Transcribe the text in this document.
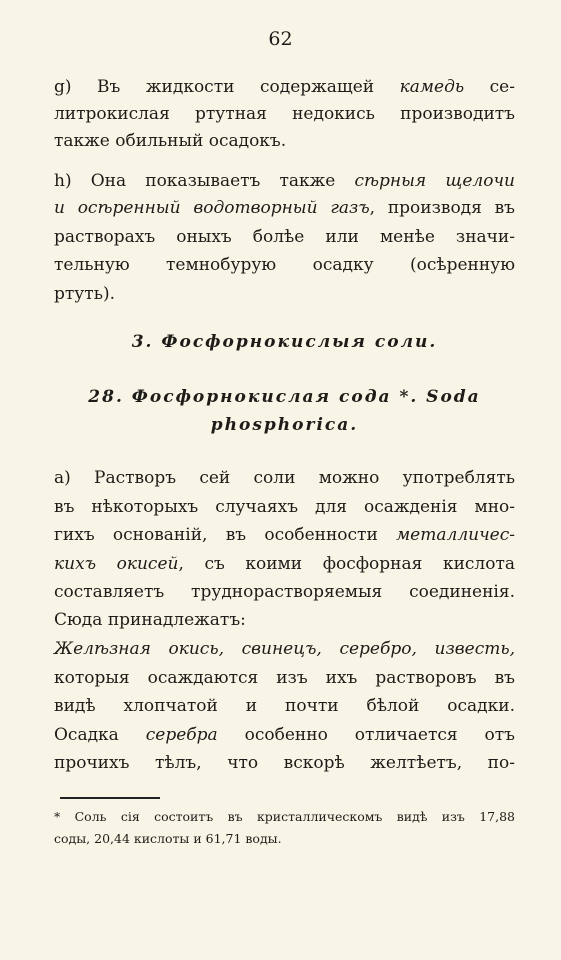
62
g) Въ жидкости содержащей камедь се-
литрокислая ртутная недокись производитъ
также обильный осадокъ.
h) Она показываетъ также сѣрныя щелочи
и осѣренный водотворный газъ, производя въ
растворахъ оныхъ болѣе или менѣе значи-
тельную темнобурую осадку (осѣренную
ртуть).
3. Фосфорнокислыя соли.
28. Фосфорнокислая сода *. Soda
phosphorica.
a) Растворъ сей соли можно употреблять
въ нѣкоторыхъ случаяхъ для осажденія мно-
гихъ основаній, въ особенности металличес-
кихъ окисей, съ коими фосфорная кислота
составляетъ труднорастворяемыя соединенія.
Сюда принадлежатъ:
Желѣзная окись, свинецъ, серебро, известь,
которыя осаждаются изъ ихъ растворовъ въ
видѣ хлопчатой и почти бѣлой осадки.
Осадка серебра особенно отличается отъ
прочихъ тѣлъ, что вскорѣ желтѣетъ, по-
* Соль сія состоитъ въ кристаллическомъ видѣ изъ 17,88
соды, 20,44 кислоты и 61,71 воды.
